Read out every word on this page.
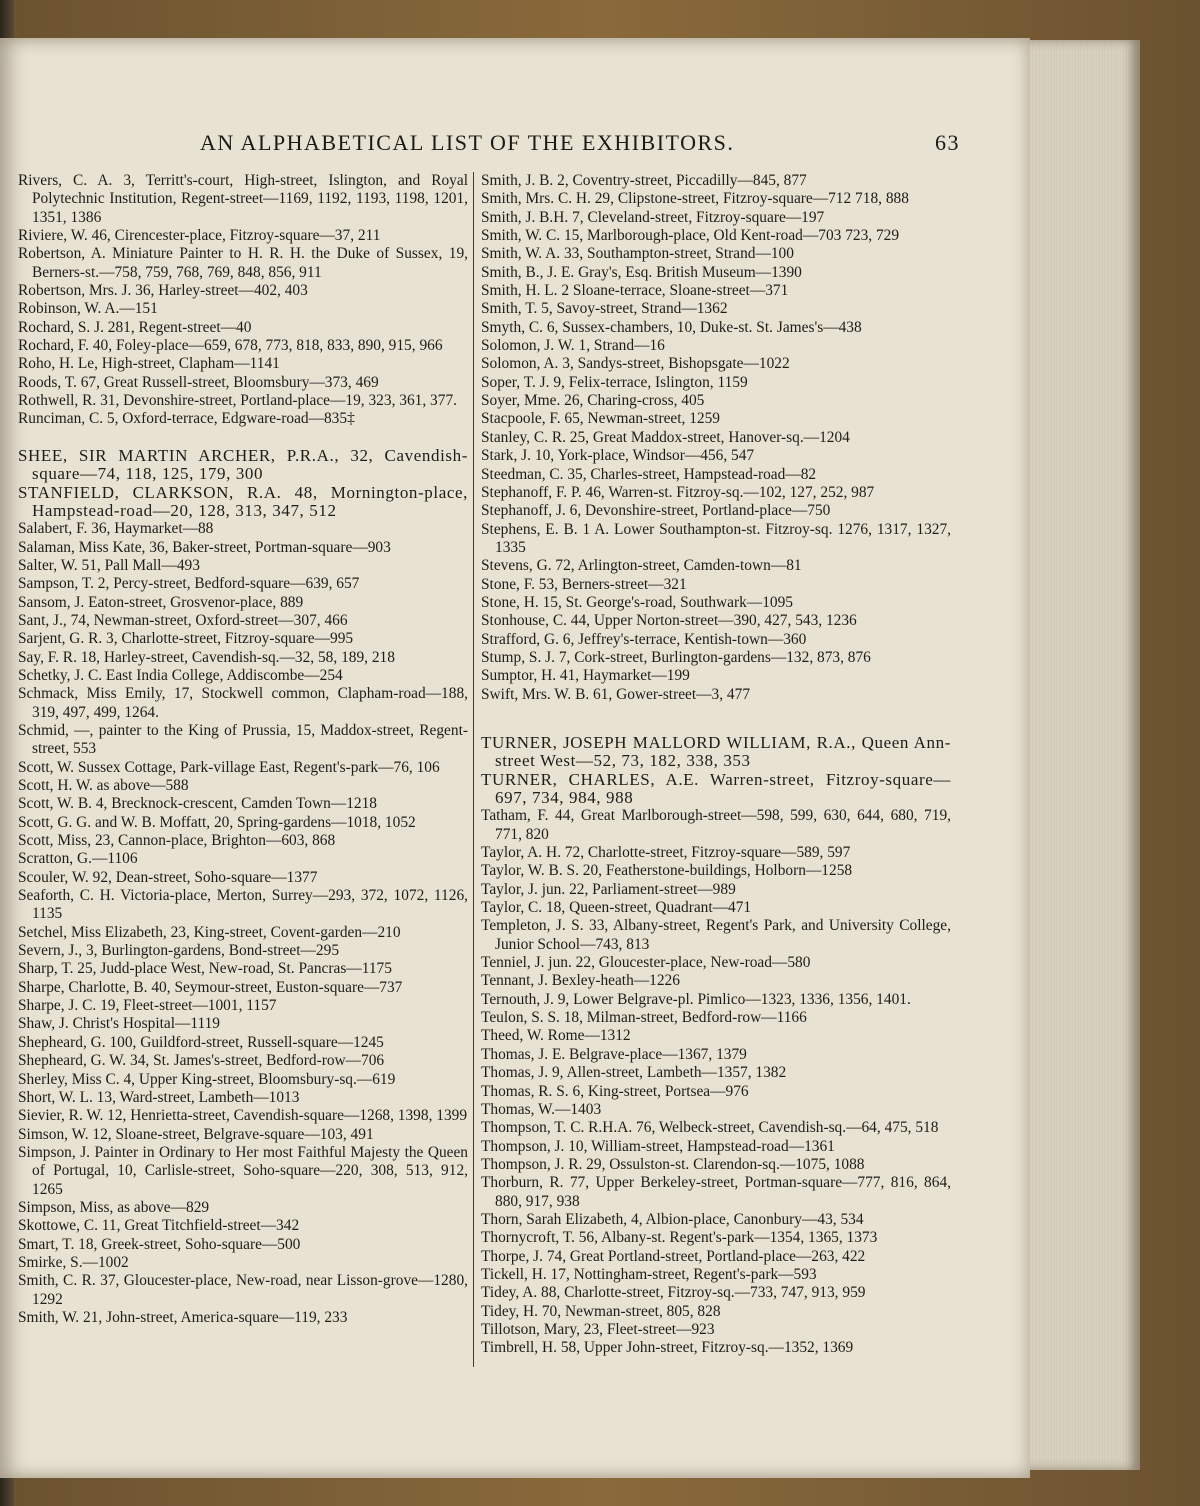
AN ALPHABETICAL LIST OF THE EXHIBITORS.	63
Rivers, C. A. 3, Territt's-court, High-street, Islington, and Royal Polytechnic Institution, Regent-street—1169, 1192, 1193, 1198, 1201, 1351, 1386
Riviere, W. 46, Cirencester-place, Fitzroy-square—37, 211
Robertson, A. Miniature Painter to H. R. H. the Duke of Sussex, 19, Berners-st.—758, 759, 768, 769, 848, 856, 911
Robertson, Mrs. J. 36, Harley-street—402, 403
Robinson, W. A.—151
Rochard, S. J. 281, Regent-street—40
Rochard, F. 40, Foley-place—659, 678, 773, 818, 833, 890, 915, 966
Roho, H. Le, High-street, Clapham—1141
Roods, T. 67, Great Russell-street, Bloomsbury—373, 469
Rothwell, R. 31, Devonshire-street, Portland-place—19, 323, 361, 377.
Runciman, C. 5, Oxford-terrace, Edgware-road—835‡
SHEE, SIR MARTIN ARCHER, P.R.A., 32, Cavendish-square—74, 118, 125, 179, 300
STANFIELD, CLARKSON, R.A. 48, Mornington-place, Hampstead-road—20, 128, 313, 347, 512
Salabert, F. 36, Haymarket—88
Salaman, Miss Kate, 36, Baker-street, Portman-square—903
Salter, W. 51, Pall Mall—493
Sampson, T. 2, Percy-street, Bedford-square—639, 657
Sansom, J. Eaton-street, Grosvenor-place, 889
Sant, J., 74, Newman-street, Oxford-street—307, 466
Sarjent, G. R. 3, Charlotte-street, Fitzroy-square—995
Say, F. R. 18, Harley-street, Cavendish-sq.—32, 58, 189, 218
Schetky, J. C. East India College, Addiscombe—254
Schmack, Miss Emily, 17, Stockwell common, Clapham-road—188, 319, 497, 499, 1264.
Schmid, —, painter to the King of Prussia, 15, Maddox-street, Regent-street, 553
Scott, W. Sussex Cottage, Park-village East, Regent's-park—76, 106
Scott, H. W. as above—588
Scott, W. B. 4, Brecknock-crescent, Camden Town—1218
Scott, G. G. and W. B. Moffatt, 20, Spring-gardens—1018, 1052
Scott, Miss, 23, Cannon-place, Brighton—603, 868
Scratton, G.—1106
Scouler, W. 92, Dean-street, Soho-square—1377
Seaforth, C. H. Victoria-place, Merton, Surrey—293, 372, 1072, 1126, 1135
Setchel, Miss Elizabeth, 23, King-street, Covent-garden—210
Severn, J., 3, Burlington-gardens, Bond-street—295
Sharp, T. 25, Judd-place West, New-road, St. Pancras—1175
Sharpe, Charlotte, B. 40, Seymour-street, Euston-square—737
Sharpe, J. C. 19, Fleet-street—1001, 1157
Shaw, J. Christ's Hospital—1119
Shepheard, G. 100, Guildford-street, Russell-square—1245
Shepheard, G. W. 34, St. James's-street, Bedford-row—706
Sherley, Miss C. 4, Upper King-street, Bloomsbury-sq.—619
Short, W. L. 13, Ward-street, Lambeth—1013
Sievier, R. W. 12, Henrietta-street, Cavendish-square—1268, 1398, 1399
Simson, W. 12, Sloane-street, Belgrave-square—103, 491
Simpson, J. Painter in Ordinary to Her most Faithful Majesty the Queen of Portugal, 10, Carlisle-street, Soho-square—220, 308, 513, 912, 1265
Simpson, Miss, as above—829
Skottowe, C. 11, Great Titchfield-street—342
Smart, T. 18, Greek-street, Soho-square—500
Smirke, S.—1002
Smith, C. R. 37, Gloucester-place, New-road, near Lisson-grove—1280, 1292
Smith, W. 21, John-street, America-square—119, 233
Smith, J. B. 2, Coventry-street, Piccadilly—845, 877
Smith, Mrs. C. H. 29, Clipstone-street, Fitzroy-square—712 718, 888
Smith, J. B.H. 7, Cleveland-street, Fitzroy-square—197
Smith, W. C. 15, Marlborough-place, Old Kent-road—703 723, 729
Smith, W. A. 33, Southampton-street, Strand—100
Smith, B., J. E. Gray's, Esq. British Museum—1390
Smith, H. L. 2 Sloane-terrace, Sloane-street—371
Smith, T. 5, Savoy-street, Strand—1362
Smyth, C. 6, Sussex-chambers, 10, Duke-st. St. James's—438
Solomon, J. W. 1, Strand—16
Solomon, A. 3, Sandys-street, Bishopsgate—1022
Soper, T. J. 9, Felix-terrace, Islington, 1159
Soyer, Mme. 26, Charing-cross, 405
Stacpoole, F. 65, Newman-street, 1259
Stanley, C. R. 25, Great Maddox-street, Hanover-sq.—1204
Stark, J. 10, York-place, Windsor—456, 547
Steedman, C. 35, Charles-street, Hampstead-road—82
Stephanoff, F. P. 46, Warren-st. Fitzroy-sq.—102, 127, 252, 987
Stephanoff, J. 6, Devonshire-street, Portland-place—750
Stephens, E. B. 1 A. Lower Southampton-st. Fitzroy-sq. 1276, 1317, 1327, 1335
Stevens, G. 72, Arlington-street, Camden-town—81
Stone, F. 53, Berners-street—321
Stone, H. 15, St. George's-road, Southwark—1095
Stonhouse, C. 44, Upper Norton-street—390, 427, 543, 1236
Strafford, G. 6, Jeffrey's-terrace, Kentish-town—360
Stump, S. J. 7, Cork-street, Burlington-gardens—132, 873, 876
Sumptor, H. 41, Haymarket—199
Swift, Mrs. W. B. 61, Gower-street—3, 477
TURNER, JOSEPH MALLORD WILLIAM, R.A., Queen Ann-street West—52, 73, 182, 338, 353
TURNER, CHARLES, A.E. Warren-street, Fitzroy-square—697, 734, 984, 988
Tatham, F. 44, Great Marlborough-street—598, 599, 630, 644, 680, 719, 771, 820
Taylor, A. H. 72, Charlotte-street, Fitzroy-square—589, 597
Taylor, W. B. S. 20, Featherstone-buildings, Holborn—1258
Taylor, J. jun. 22, Parliament-street—989
Taylor, C. 18, Queen-street, Quadrant—471
Templeton, J. S. 33, Albany-street, Regent's Park, and University College, Junior School—743, 813
Tenniel, J. jun. 22, Gloucester-place, New-road—580
Tennant, J. Bexley-heath—1226
Ternouth, J. 9, Lower Belgrave-pl. Pimlico—1323, 1336, 1356, 1401.
Teulon, S. S. 18, Milman-street, Bedford-row—1166
Theed, W. Rome—1312
Thomas, J. E. Belgrave-place—1367, 1379
Thomas, J. 9, Allen-street, Lambeth—1357, 1382
Thomas, R. S. 6, King-street, Portsea—976
Thomas, W.—1403
Thompson, T. C. R.H.A. 76, Welbeck-street, Cavendish-sq.—64, 475, 518
Thompson, J. 10, William-street, Hampstead-road—1361
Thompson, J. R. 29, Ossulston-st. Clarendon-sq.—1075, 1088
Thorburn, R. 77, Upper Berkeley-street, Portman-square—777, 816, 864, 880, 917, 938
Thorn, Sarah Elizabeth, 4, Albion-place, Canonbury—43, 534
Thornycroft, T. 56, Albany-st. Regent's-park—1354, 1365, 1373
Thorpe, J. 74, Great Portland-street, Portland-place—263, 422
Tickell, H. 17, Nottingham-street, Regent's-park—593
Tidey, A. 88, Charlotte-street, Fitzroy-sq.—733, 747, 913, 959
Tidey, H. 70, Newman-street, 805, 828
Tillotson, Mary, 23, Fleet-street—923
Timbrell, H. 58, Upper John-street, Fitzroy-sq.—1352, 1369
